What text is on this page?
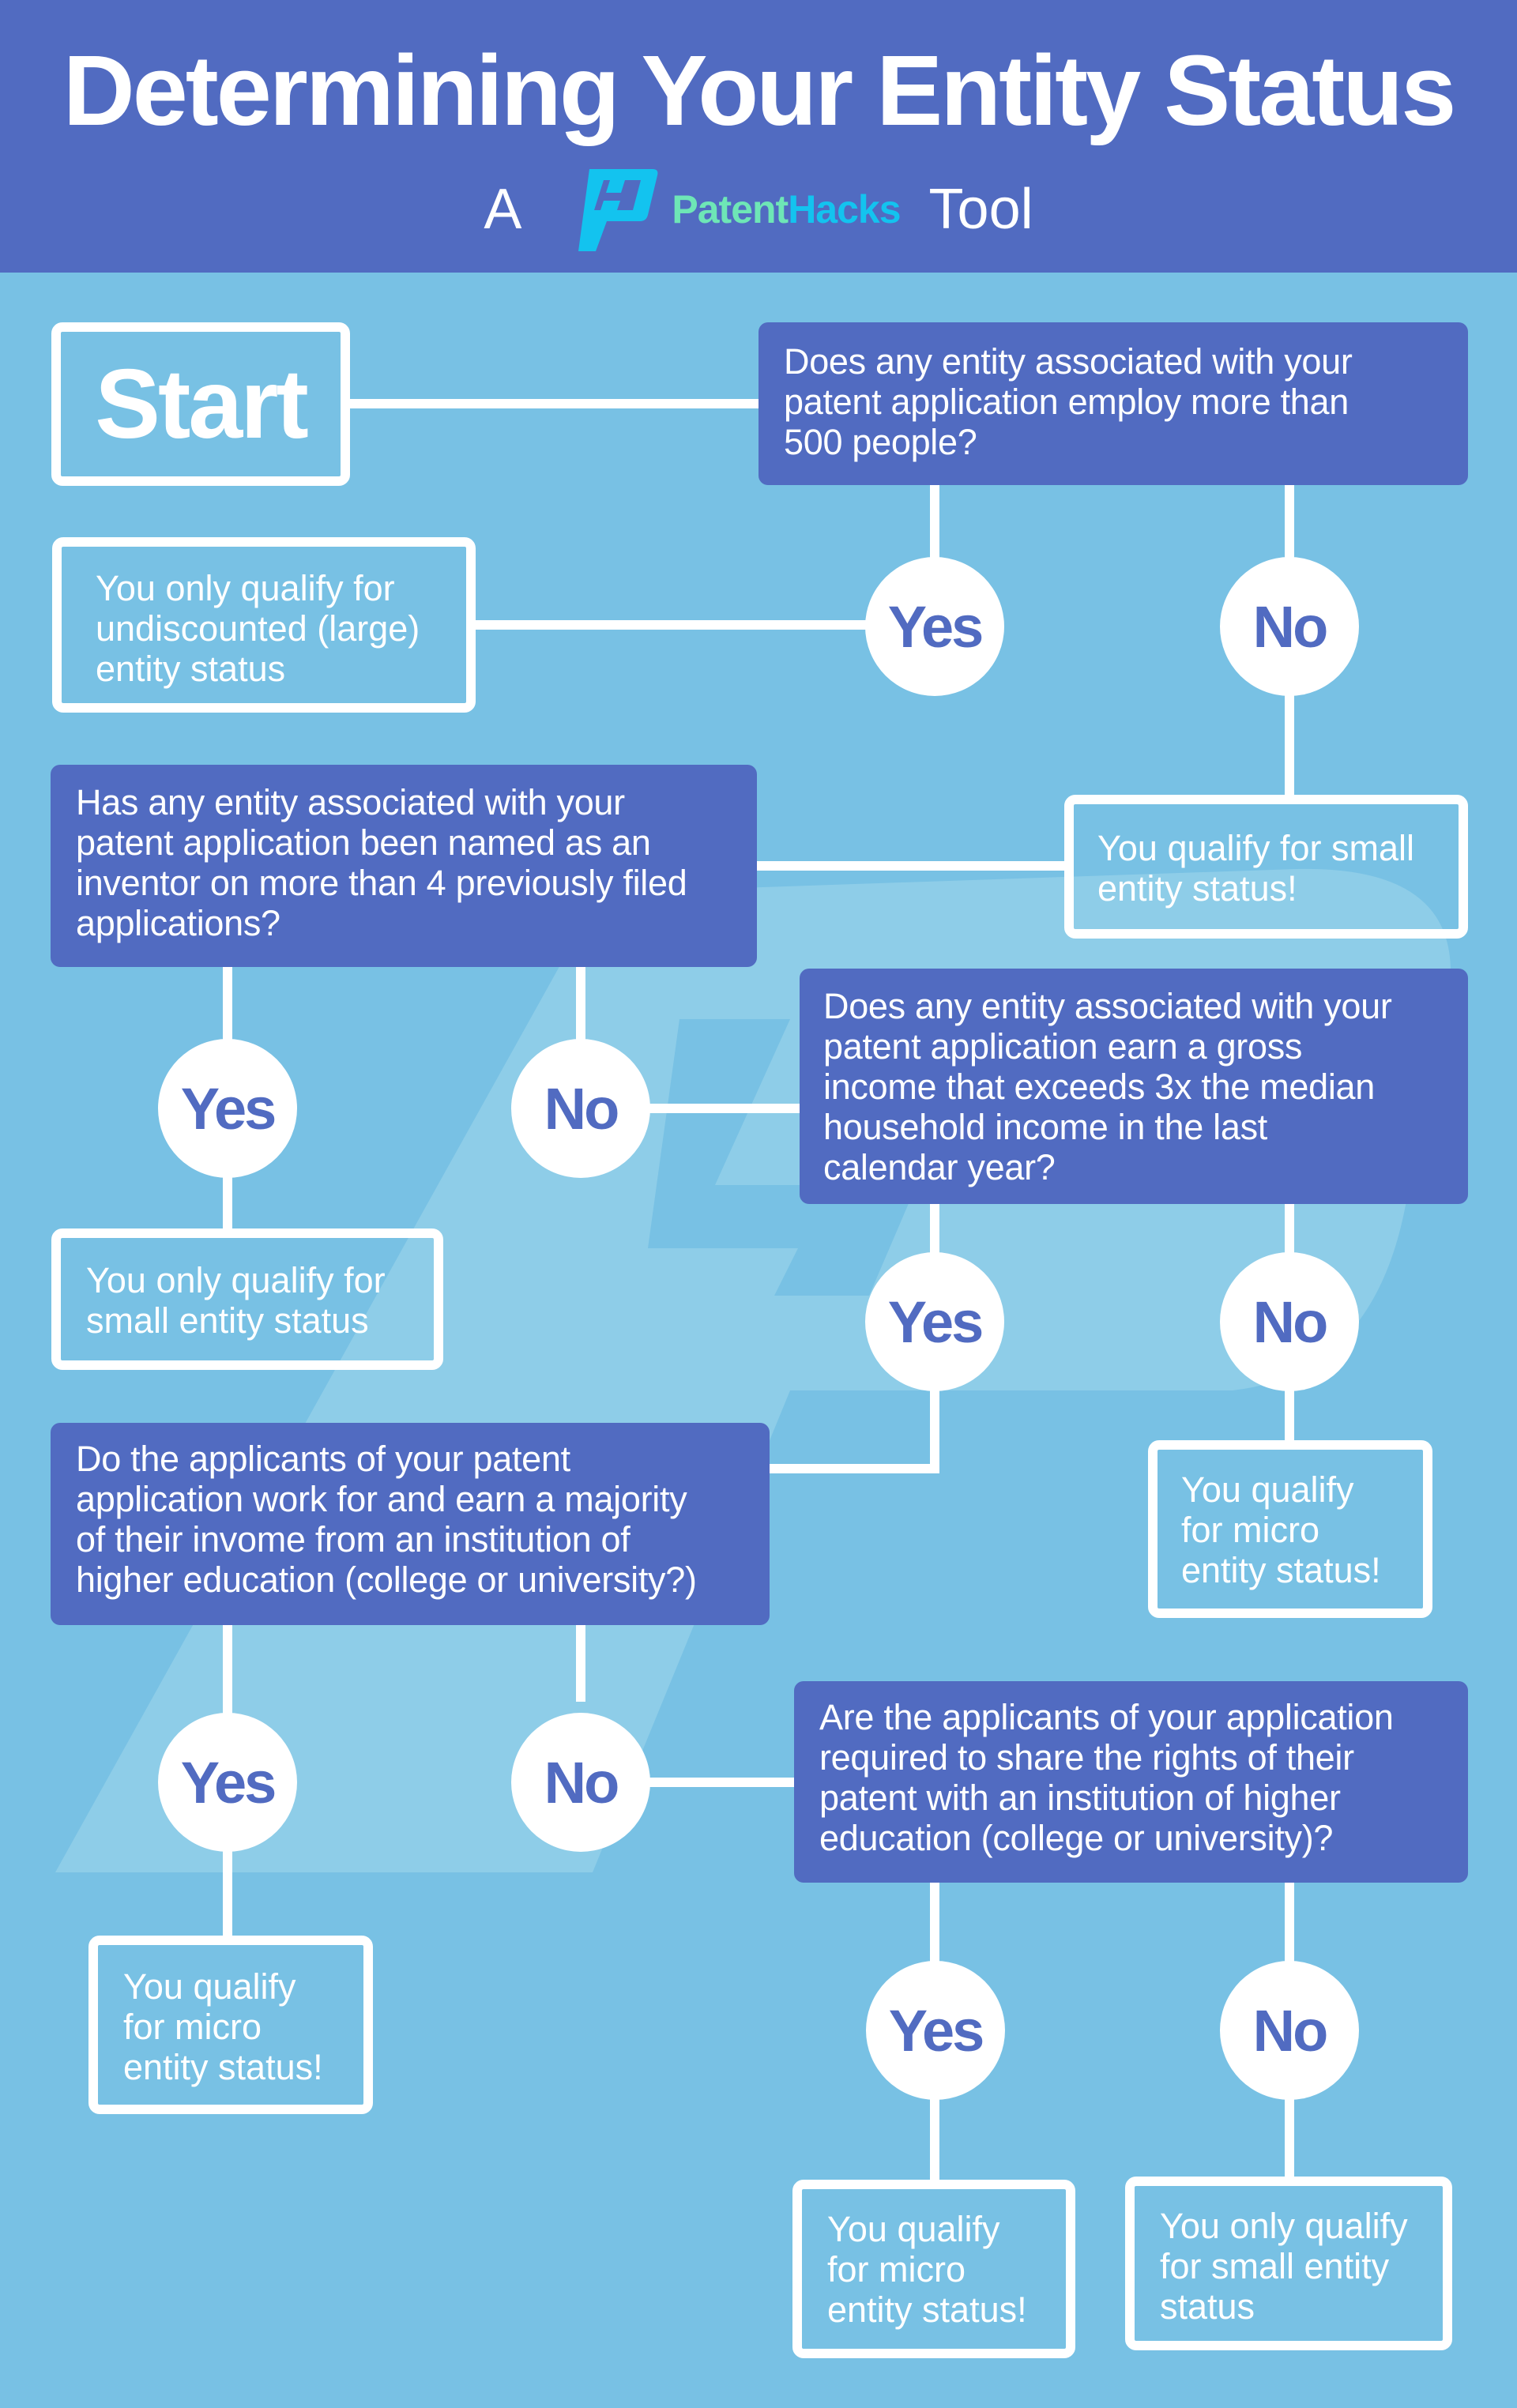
Determining Your Entity Status
A	PatentHacks Tool
Start	Does any entity associated with your
patent application employ more than
500 people?
Has any entity associated with your
patent application been named as an
inventor on more than 4 previously filed
applications?
Does any entity associated with your
patent application earn a gross
income that exceeds 3x the median
household income in the last
calendar year?
Do the applicants of your patent
application work for and earn a majority
of their invome from an institution of
higher education (college or university?)
Are the applicants of your application
required to share the rights of their
patent with an institution of higher
education (college or university)?
Yes	No
Yes	No
Yes	No
Yes	No
Yes	No
You only qualify for
undiscounted (large)
entity status
You qualify for small
entity status!
You only qualify for
small entity status
You qualify
for micro
entity status!
You qualify
for micro
entity status!
You qualify
for micro
entity status!
You only qualify
for small entity
status
